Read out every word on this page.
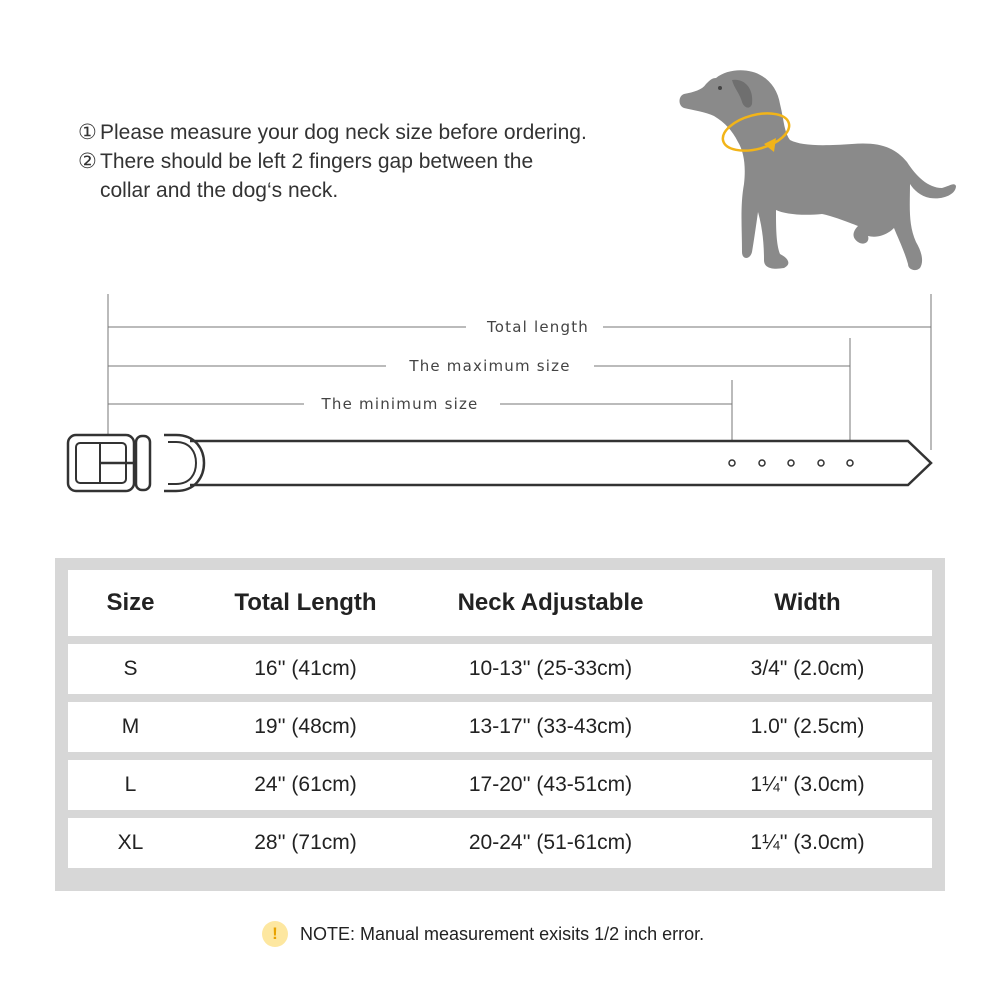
① Please measure your dog neck size before ordering.
② There should be left 2 fingers gap between the
collar and the dog‘s neck.
Total length
The maximum size
The minimum size
Size	Total Length	Neck Adjustable	Width
S	16'' (41cm)	10-13'' (25-33cm)	3/4" (2.0cm)
M	19'' (48cm)	13-17'' (33-43cm)	1.0" (2.5cm)
L	24'' (61cm)	17-20'' (43-51cm)	1¼'' (3.0cm)
XL	28'' (71cm)	20-24'' (51-61cm)	1¼'' (3.0cm)
!	NOTE: Manual measurement exisits 1/2 inch error.
